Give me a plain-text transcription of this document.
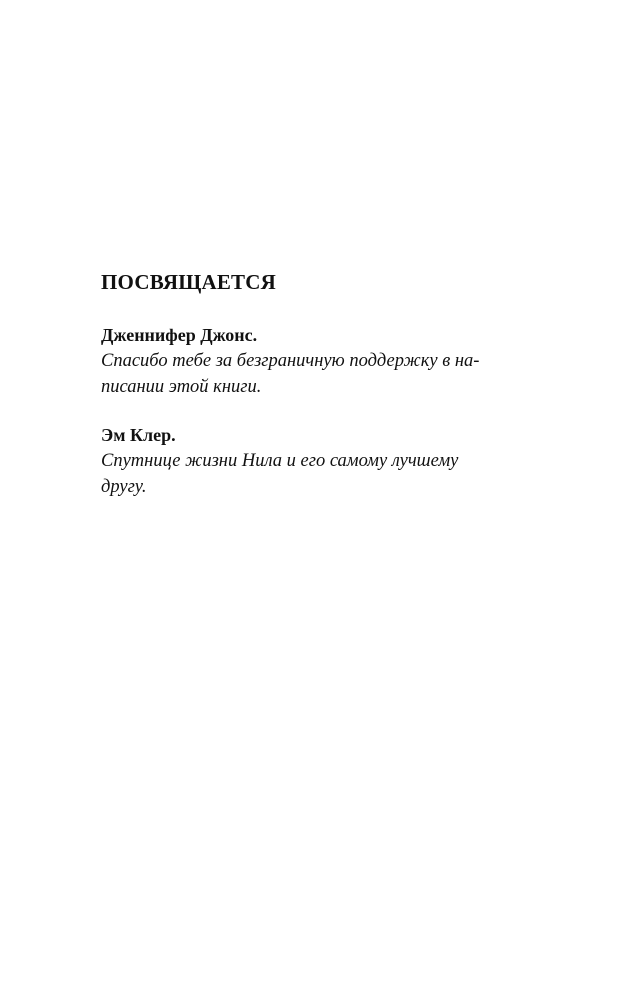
ПОСВЯЩАЕТСЯ

Дженнифер Джонс.

Спасибо тебе за безграничную поддержку в на-

писании этой книги.

Эм Клер.

Спутнице жизни Нила и его самому лучшему

другу.
